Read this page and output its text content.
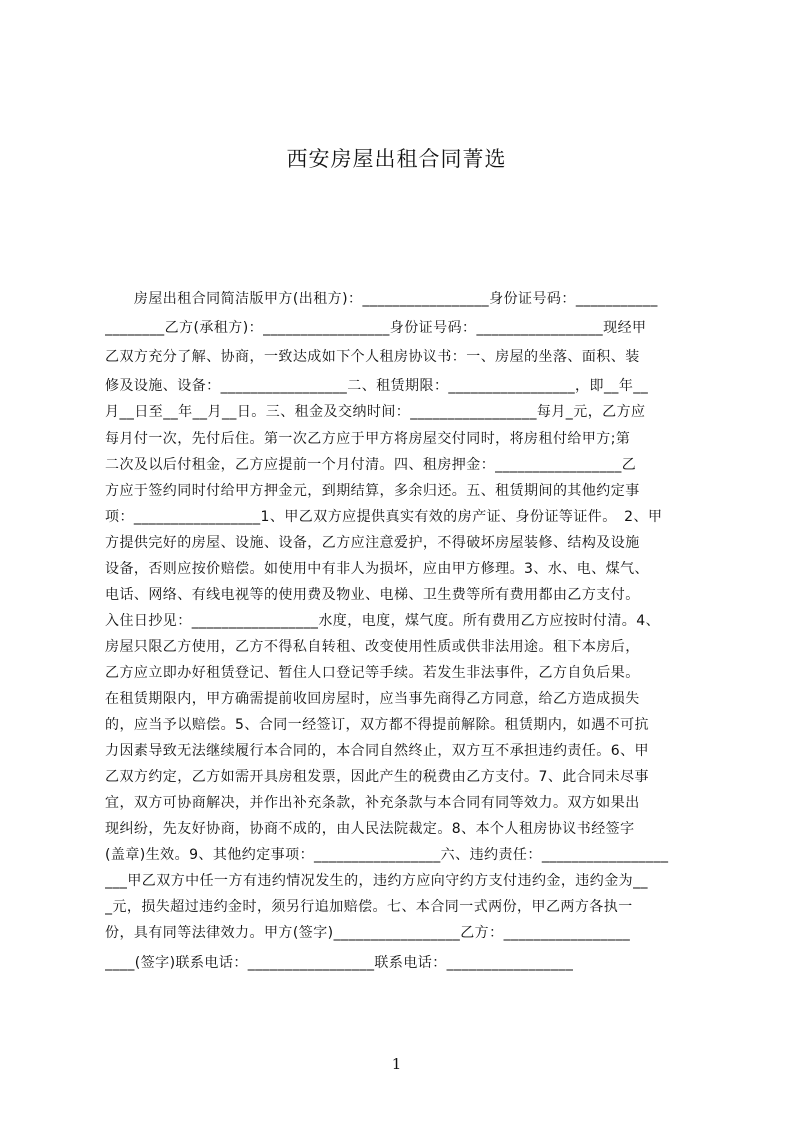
西安房屋出租合同菁选
　　房屋出租合同简洁版甲方(出租方)：_________________身份证号码：___________
________乙方(承租方)：_________________身份证号码：_________________现经甲
乙双方充分了解、协商，一致达成如下个人租房协议书：一、房屋的坐落、面积、装
修及设施、设备：_________________二、租赁期限：_________________，即__年__
月__日至__年__月__日。三、租金及交纳时间：_________________每月_元，乙方应
每月付一次，先付后住。第一次乙方应于甲方将房屋交付同时，将房租付给甲方;第
二次及以后付租金，乙方应提前一个月付清。四、租房押金：_________________乙
方应于签约同时付给甲方押金元，到期结算，多余归还。五、租赁期间的其他约定事
项：_________________1、甲乙双方应提供真实有效的房产证、身份证等证件。　2、甲
方提供完好的房屋、设施、设备，乙方应注意爱护，不得破坏房屋装修、结构及设施
设备，否则应按价赔偿。如使用中有非人为损坏，应由甲方修理。3、水、电、煤气、
电话、网络、有线电视等的使用费及物业、电梯、卫生费等所有费用都由乙方支付。
入住日抄见：_________________水度，电度，煤气度。所有费用乙方应按时付清。4、
房屋只限乙方使用，乙方不得私自转租、改变使用性质或供非法用途。租下本房后，
乙方应立即办好租赁登记、暂住人口登记等手续。若发生非法事件，乙方自负后果。
在租赁期限内，甲方确需提前收回房屋时，应当事先商得乙方同意，给乙方造成损失
的，应当予以赔偿。5、合同一经签订，双方都不得提前解除。租赁期内，如遇不可抗
力因素导致无法继续履行本合同的，本合同自然终止，双方互不承担违约责任。6、甲
乙双方约定，乙方如需开具房租发票，因此产生的税费由乙方支付。7、此合同未尽事
宜，双方可协商解决，并作出补充条款，补充条款与本合同有同等效力。双方如果出
现纠纷，先友好协商，协商不成的，由人民法院裁定。8、本个人租房协议书经签字
(盖章)生效。9、其他约定事项：_________________六、违约责任：_________________
___甲乙双方中任一方有违约情况发生的，违约方应向守约方支付违约金，违约金为__
_元，损失超过违约金时，须另行追加赔偿。七、本合同一式两份，甲乙两方各执一
份，具有同等法律效力。甲方(签字)_________________乙方：_________________
____(签字)联系电话：_________________联系电话：_________________
1
